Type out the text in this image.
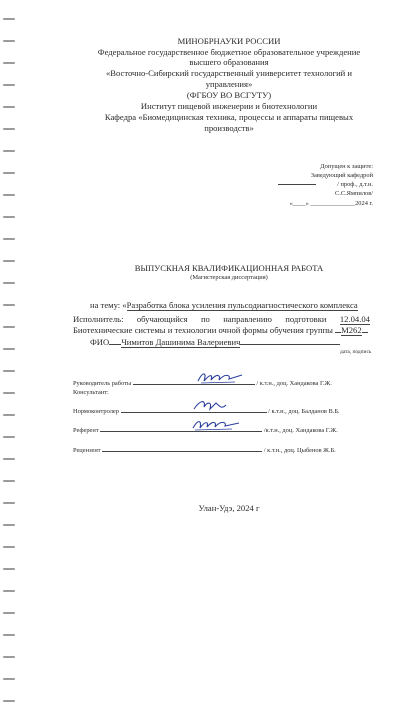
МИНОБРНАУКИ РОССИИ
Федеральное государственное бюджетное образовательное учреждение
высшего образования
«Восточно-Сибирский государственный университет технологий и
управления»
(ФГБОУ ВО ВСГУТУ)
Институт пищевой инженерии и биотехнологии
Кафедра «Биомедицинская техника, процессы и аппараты пищевых
производств»
Допущен к защите:
Заведующий кафедрой
/ проф., д.т.н.
С.С.Ямпилов/
«____» ______________2024 г.
ВЫПУСКНАЯ КВАЛИФИКАЦИОННАЯ РАБОТА
(Магистерская диссертация)
на тему: «Разработка блока усиления пульсодиагностического комплекса
Исполнитель: обучающийся по направлению подготовки 12.04.04
Биотехнические системы и технологии очной формы обучения группы М262
ФИО Чимитов Дашинима Валериевич
дата, подпись
Руководитель работы	/ к.т.н., доц. Хандакова Г.Ж.
Консультант:
Нормоконтролер	/ к.т.н., доц. Балданов В.Б.
Референт	/к.т.н., доц. Хандакова Г.Ж.
Рецензент	/ к.т.н., доц. Цыбенов Ж.Б.
Улан-Удэ, 2024 г
